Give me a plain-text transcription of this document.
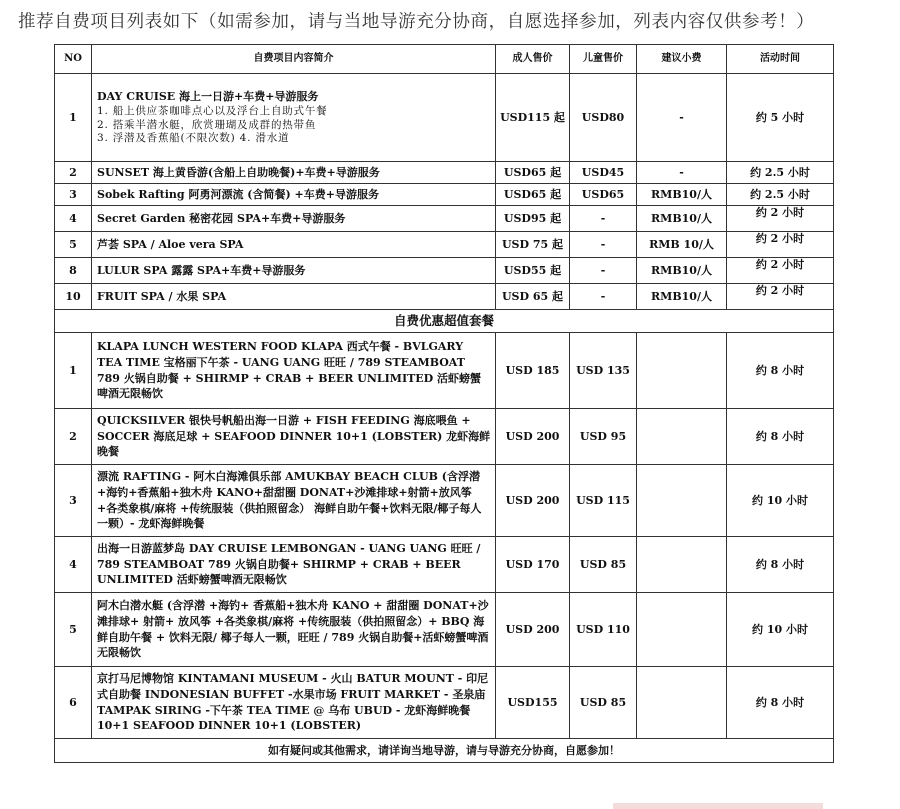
推荐自费项目列表如下（如需参加，请与当地导游充分协商，自愿选择参加，列表内容仅供参考！）
NO	自费项目内容简介	成人售价	儿童售价	建议小费	活动时间
1	DAY CRUISE 海上一日游+车费+导游服务
1. 船上供应茶咖啡点心以及浮台上自助式午餐
2. 搭乘半潜水艇，欣赏珊瑚及成群的热带鱼
3. 浮潜及香蕉船(不限次数) 4. 滑水道	USD115 起	USD80	-	约 5 小时
2	SUNSET 海上黄昏游(含船上自助晚餐)+车费+导游服务	USD65 起	USD45	-	约 2.5 小时
3	Sobek Rafting 阿勇河漂流 (含简餐) +车费+导游服务	USD65 起	USD65	RMB10/人	约 2.5 小时
4	Secret Garden 秘密花园 SPA+车费+导游服务	USD95 起	-	RMB10/人	约 2 小时
5	芦荟 SPA / Aloe vera SPA	USD 75 起	-	RMB 10/人	约 2 小时
8	LULUR SPA 露露 SPA+车费+导游服务	USD55 起	-	RMB10/人	约 2 小时
10	FRUIT SPA / 水果 SPA	USD 65 起	-	RMB10/人	约 2 小时
自费优惠超值套餐					
1	KLAPA LUNCH WESTERN FOOD KLAPA 西式午餐 - BVLGARY TEA TIME 宝格丽下午茶 - UANG UANG 旺旺 / 789 STEAMBOAT 789 火锅自助餐 + SHIRMP + CRAB + BEER UNLIMITED 活虾螃蟹啤酒无限畅饮	USD 185	USD 135		约 8 小时
2	QUICKSILVER 银快号帆船出海一日游 + FISH FEEDING 海底喂鱼 + SOCCER 海底足球 + SEAFOOD DINNER 10+1 (LOBSTER) 龙虾海鲜晚餐	USD 200	USD 95		约 8 小时
3	漂流 RAFTING - 阿木白海滩俱乐部 AMUKBAY BEACH CLUB (含浮潜+海钓+香蕉船+独木舟 KANO+甜甜圈 DONAT+沙滩排球+射箭+放风筝+各类象棋/麻将 +传统服装（供拍照留念） 海鲜自助午餐+饮料无限/椰子每人一颗）- 龙虾海鲜晚餐	USD 200	USD 115		约 10 小时
4	出海一日游蓝梦岛 DAY CRUISE LEMBONGAN - UANG UANG 旺旺 / 789 STEAMBOAT 789 火锅自助餐+ SHIRMP + CRAB + BEER UNLIMITED 活虾螃蟹啤酒无限畅饮	USD 170	USD 85		约 8 小时
5	阿木白潜水艇 (含浮潜 +海钓+ 香蕉船+独木舟 KANO + 甜甜圈 DONAT+沙滩排球+ 射箭+ 放风筝 +各类象棋/麻将 +传统服装（供拍照留念）+ BBQ 海鲜自助午餐 + 饮料无限/ 椰子每人一颗，旺旺 / 789 火锅自助餐+活虾螃蟹啤酒无限畅饮	USD 200	USD 110		约 10 小时
6	京打马尼博物馆 KINTAMANI MUSEUM - 火山 BATUR MOUNT - 印尼式自助餐 INDONESIAN BUFFET -水果市场 FRUIT MARKET - 圣泉庙 TAMPAK SIRING -下午茶 TEA TIME @ 乌布 UBUD - 龙虾海鲜晚餐 10+1 SEAFOOD DINNER 10+1 (LOBSTER)	USD155	USD 85		约 8 小时
如有疑问或其他需求，请详询当地导游，请与导游充分协商，自愿参加！					
